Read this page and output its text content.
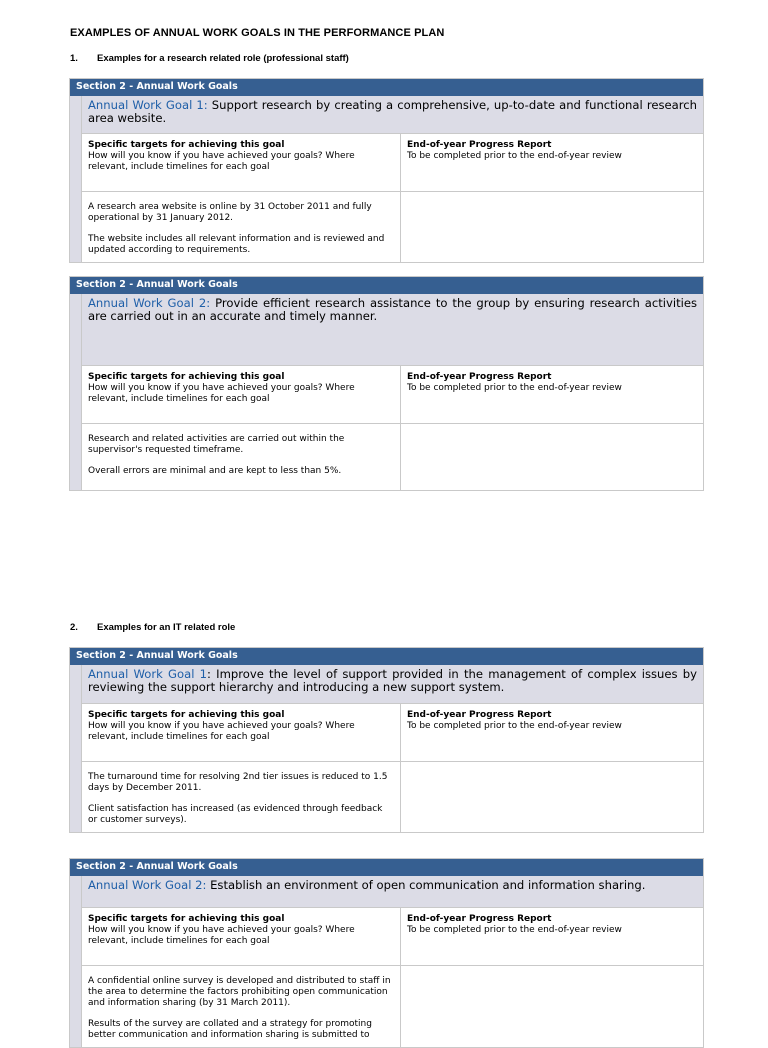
EXAMPLES OF ANNUAL WORK GOALS IN THE PERFORMANCE PLAN
1. Examples for a research related role (professional staff)
Section 2 - Annual Work Goals
Annual Work Goal 1: Support research by creating a comprehensive, up-to-date and functional research area website.
Specific targets for achieving this goal
How will you know if you have achieved your goals? Where relevant, include timelines for each goal
End-of-year Progress Report
To be completed prior to the end-of-year review

A research area website is online by 31 October 2011 and fully operational by 31 January 2012.

The website includes all relevant information and is reviewed and updated according to requirements.

Section 2 - Annual Work Goals
Annual Work Goal 2: Provide efficient research assistance to the group by ensuring research activities are carried out in an accurate and timely manner.
Specific targets for achieving this goal
How will you know if you have achieved your goals? Where relevant, include timelines for each goal
End-of-year Progress Report
To be completed prior to the end-of-year review

Research and related activities are carried out within the supervisor's requested timeframe.

Overall errors are minimal and are kept to less than 5%.

2. Examples for an IT related role
Section 2 - Annual Work Goals
Annual Work Goal 1: Improve the level of support provided in the management of complex issues by reviewing the support hierarchy and introducing a new support system.
Specific targets for achieving this goal
How will you know if you have achieved your goals? Where relevant, include timelines for each goal
End-of-year Progress Report
To be completed prior to the end-of-year review

The turnaround time for resolving 2nd tier issues is reduced to 1.5 days by December 2011.

Client satisfaction has increased (as evidenced through feedback or customer surveys).

Section 2 - Annual Work Goals
Annual Work Goal 2: Establish an environment of open communication and information sharing.
Specific targets for achieving this goal
How will you know if you have achieved your goals? Where relevant, include timelines for each goal
End-of-year Progress Report
To be completed prior to the end-of-year review

A confidential online survey is developed and distributed to staff in the area to determine the factors prohibiting open communication and information sharing (by 31 March 2011).

Results of the survey are collated and a strategy for promoting better communication and information sharing is submitted to
